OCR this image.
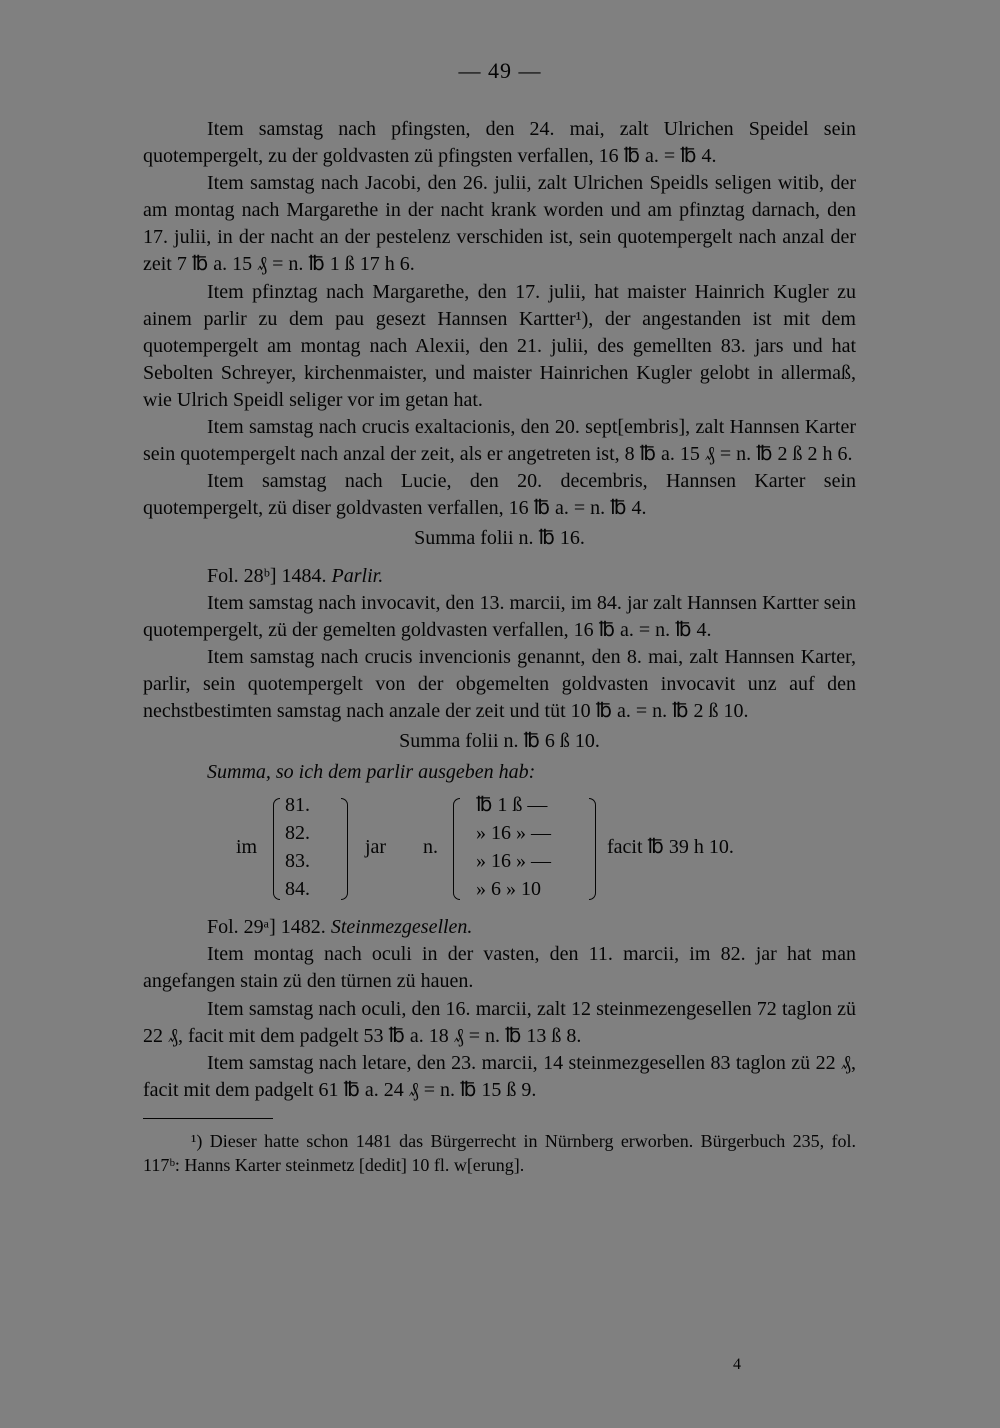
— 49 —

Item samstag nach pfingsten, den 24. mai, zalt Ulrichen Speidel sein quotempergelt, zu der goldvasten zü pfingsten verfallen, 16 ℔ a. = ℔ 4.

Item samstag nach Jacobi, den 26. julii, zalt Ulrichen Speidls seligen witib, der am montag nach Margarethe in der nacht krank worden und am pfinztag darnach, den 17. julii, in der nacht an der pestelenz verschiden ist, sein quotempergelt nach anzal der zeit 7 ℔ a. 15 ₰ = n. ℔ 1 ß 17 h 6.

Item pfinztag nach Margarethe, den 17. julii, hat maister Hainrich Kugler zu ainem parlir zu dem pau gesezt Hannsen Kartter¹), der angestanden ist mit dem quotempergelt am montag nach Alexii, den 21. julii, des gemellten 83. jars und hat Sebolten Schreyer, kirchenmaister, und maister Hainrichen Kugler gelobt in allermaß, wie Ulrich Speidl seliger vor im getan hat.

Item samstag nach crucis exaltacionis, den 20. sept[embris], zalt Hannsen Karter sein quotempergelt nach anzal der zeit, als er angetreten ist, 8 ℔ a. 15 ₰ = n. ℔ 2 ß 2 h 6.

Item samstag nach Lucie, den 20. decembris, Hannsen Karter sein quotempergelt, zü diser goldvasten verfallen, 16 ℔ a. = n. ℔ 4.

Summa folii n. ℔ 16.
Fol. 28ᵇ] 1484. Parlir.

Item samstag nach invocavit, den 13. marcii, im 84. jar zalt Hannsen Kartter sein quotempergelt, zü der gemelten goldvasten verfallen, 16 ℔ a. = n. ℔ 4.

Item samstag nach crucis invencionis genannt, den 8. mai, zalt Hannsen Karter, parlir, sein quotempergelt von der obgemelten goldvasten invocavit unz auf den nechstbestimten samstag nach anzale der zeit und tüt 10 ℔ a. = n. ℔ 2 ß 10.

Summa folii n. ℔ 6 ß 10.
Summa, so ich dem parlir ausgeben hab:
im
81.
82.
83.
84.
jar n.
℔ 1 ß —
» 16 » —
» 16 » —
» 6 » 10
facit ℔ 39 h 10.
Fol. 29ᵃ] 1482. Steinmezgesellen.

Item montag nach oculi in der vasten, den 11. marcii, im 82. jar hat man angefangen stain zü den türnen zü hauen.

Item samstag nach oculi, den 16. marcii, zalt 12 steinmezengesellen 72 taglon zü 22 ₰, facit mit dem padgelt 53 ℔ a. 18 ₰ = n. ℔ 13 ß 8.

Item samstag nach letare, den 23. marcii, 14 steinmezgesellen 83 taglon zü 22 ₰, facit mit dem padgelt 61 ℔ a. 24 ₰ = n. ℔ 15 ß 9.

¹) Dieser hatte schon 1481 das Bürgerrecht in Nürnberg erworben. Bürgerbuch 235, fol. 117ᵇ: Hanns Karter steinmetz [dedit] 10 fl. w[erung].

4
